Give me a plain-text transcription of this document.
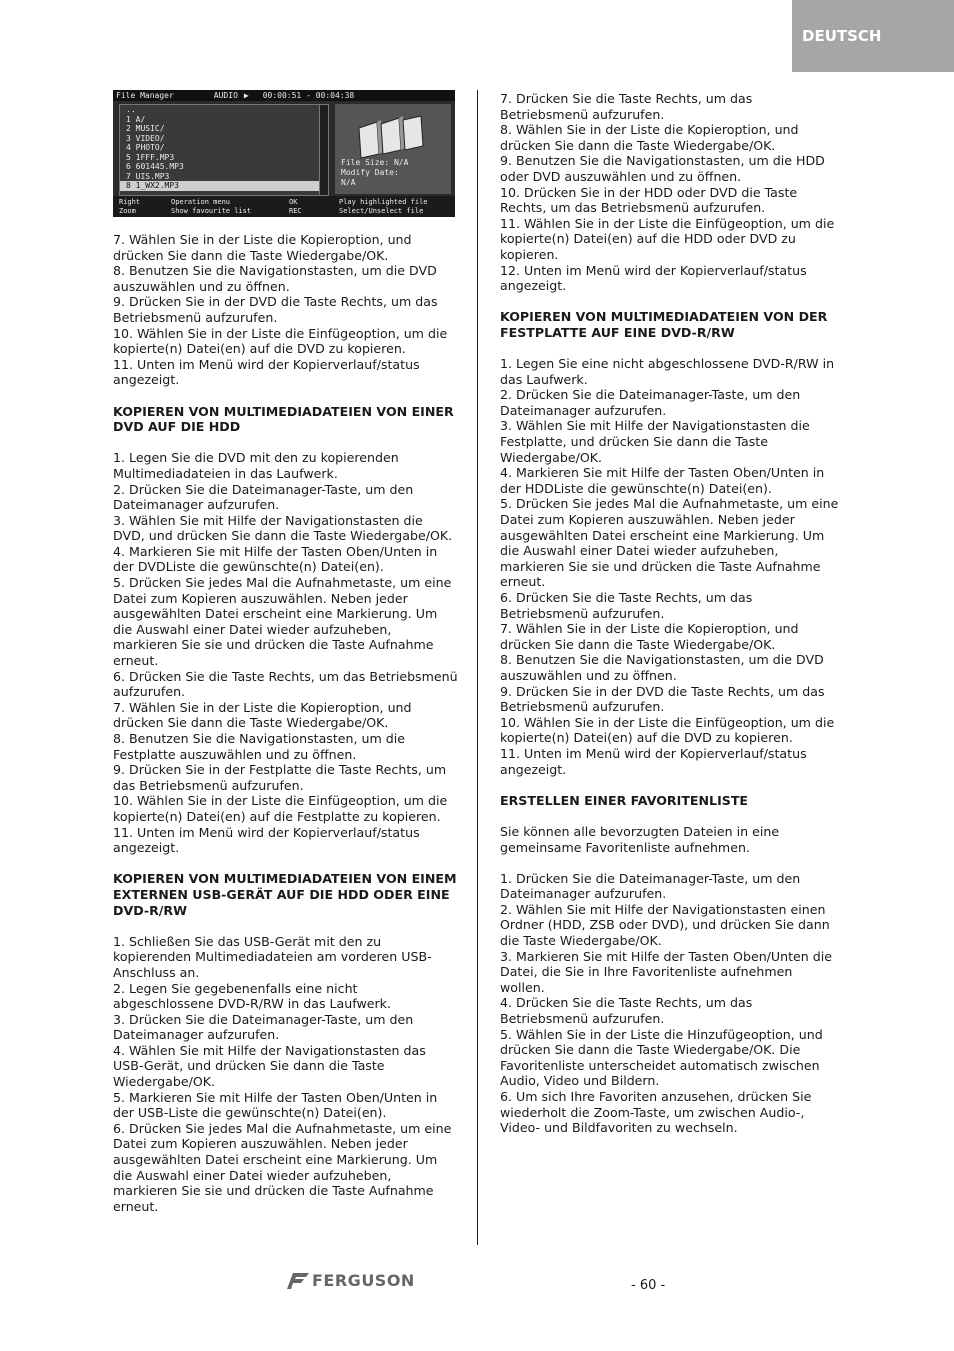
DEUTSCH
File Manager	AUDIO ▶ 00:00:51 - 00:04:38
..
1 A/
2 MUSIC/
3 VIDEO/
4 PHOTO/
5 1FFF.MP3
6 601445.MP3
7 UIS.MP3
8 1_WX2.MP3
File Size: N/A
Modify Date:
N/A
Right	Operation menu	OK	Play highlighted file
Zoom	Show favourite list	REC	Select/Unselect file
7. Wählen Sie in der Liste die Kopieroption, und drücken Sie dann die Taste Wiedergabe/OK.
8. Benutzen Sie die Navigationstasten, um die DVD auszuwählen und zu öffnen.
9. Drücken Sie in der DVD die Taste Rechts, um das Betriebsmenü aufzurufen.
10. Wählen Sie in der Liste die Einfügeoption, um die kopierte(n) Datei(en) auf die DVD zu kopieren.
11. Unten im Menü wird der Kopierverlauf/status angezeigt.
KOPIEREN VON MULTIMEDIADATEIEN VON EINER DVD AUF DIE HDD
1. Legen Sie die DVD mit den zu kopierenden Multimediadateien in das Laufwerk.
2. Drücken Sie die Dateimanager-Taste, um den Dateimanager aufzurufen.
3. Wählen Sie mit Hilfe der Navigationstasten die DVD, und drücken Sie dann die Taste Wiedergabe/OK.
4. Markieren Sie mit Hilfe der Tasten Oben/Unten in der DVDListe die gewünschte(n) Datei(en).
5. Drücken Sie jedes Mal die Aufnahmetaste, um eine Datei zum Kopieren auszuwählen. Neben jeder ausgewählten Datei erscheint eine Markierung. Um die Auswahl einer Datei wieder aufzuheben, markieren Sie sie und drücken die Taste Aufnahme erneut.
6. Drücken Sie die Taste Rechts, um das Betriebsmenü aufzurufen.
7. Wählen Sie in der Liste die Kopieroption, und drücken Sie dann die Taste Wiedergabe/OK.
8. Benutzen Sie die Navigationstasten, um die Festplatte auszuwählen und zu öffnen.
9. Drücken Sie in der Festplatte die Taste Rechts, um das Betriebsmenü aufzurufen.
10. Wählen Sie in der Liste die Einfügeoption, um die kopierte(n) Datei(en) auf die Festplatte zu kopieren.
11. Unten im Menü wird der Kopierverlauf/status angezeigt.
KOPIEREN VON MULTIMEDIADATEIEN VON EINEM EXTERNEN USB-GERÄT AUF DIE HDD ODER EINE DVD-R/RW
1. Schließen Sie das USB-Gerät mit den zu kopierenden Multimediadateien am vorderen USB-Anschluss an.
2. Legen Sie gegebenenfalls eine nicht abgeschlossene DVD-R/RW in das Laufwerk.
3. Drücken Sie die Dateimanager-Taste, um den Dateimanager aufzurufen.
4. Wählen Sie mit Hilfe der Navigationstasten das USB-Gerät, und drücken Sie dann die Taste Wiedergabe/OK.
5. Markieren Sie mit Hilfe der Tasten Oben/Unten in der USB-Liste die gewünschte(n) Datei(en).
6. Drücken Sie jedes Mal die Aufnahmetaste, um eine Datei zum Kopieren auszuwählen. Neben jeder ausgewählten Datei erscheint eine Markierung. Um die Auswahl einer Datei wieder aufzuheben, markieren Sie sie und drücken die Taste Aufnahme erneut.
7. Drücken Sie die Taste Rechts, um das Betriebsmenü aufzurufen.
8. Wählen Sie in der Liste die Kopieroption, und drücken Sie dann die Taste Wiedergabe/OK.
9. Benutzen Sie die Navigationstasten, um die HDD oder DVD auszuwählen und zu öffnen.
10. Drücken Sie in der HDD oder DVD die Taste Rechts, um das Betriebsmenü aufzurufen.
11. Wählen Sie in der Liste die Einfügeoption, um die kopierte(n) Datei(en) auf die HDD oder DVD zu kopieren.
12. Unten im Menü wird der Kopierverlauf/status angezeigt.
KOPIEREN VON MULTIMEDIADATEIEN VON DER FESTPLATTE AUF EINE DVD-R/RW
1. Legen Sie eine nicht abgeschlossene DVD-R/RW in das Laufwerk.
2. Drücken Sie die Dateimanager-Taste, um den Dateimanager aufzurufen.
3. Wählen Sie mit Hilfe der Navigationstasten die Festplatte, und drücken Sie dann die Taste Wiedergabe/OK.
4. Markieren Sie mit Hilfe der Tasten Oben/Unten in der HDDListe die gewünschte(n) Datei(en).
5. Drücken Sie jedes Mal die Aufnahmetaste, um eine Datei zum Kopieren auszuwählen. Neben jeder ausgewählten Datei erscheint eine Markierung. Um die Auswahl einer Datei wieder aufzuheben, markieren Sie sie und drücken die Taste Aufnahme erneut.
6. Drücken Sie die Taste Rechts, um das Betriebsmenü aufzurufen.
7. Wählen Sie in der Liste die Kopieroption, und drücken Sie dann die Taste Wiedergabe/OK.
8. Benutzen Sie die Navigationstasten, um die DVD auszuwählen und zu öffnen.
9. Drücken Sie in der DVD die Taste Rechts, um das Betriebsmenü aufzurufen.
10. Wählen Sie in der Liste die Einfügeoption, um die kopierte(n) Datei(en) auf die DVD zu kopieren.
11. Unten im Menü wird der Kopierverlauf/status angezeigt.
ERSTELLEN EINER FAVORITENLISTE
Sie können alle bevorzugten Dateien in eine gemeinsame Favoritenliste aufnehmen.
1. Drücken Sie die Dateimanager-Taste, um den Dateimanager aufzurufen.
2. Wählen Sie mit Hilfe der Navigationstasten einen Ordner (HDD, ZSB oder DVD), und drücken Sie dann die Taste Wiedergabe/OK.
3. Markieren Sie mit Hilfe der Tasten Oben/Unten die Datei, die Sie in Ihre Favoritenliste aufnehmen wollen.
4. Drücken Sie die Taste Rechts, um das Betriebsmenü aufzurufen.
5. Wählen Sie in der Liste die Hinzufügeoption, und drücken Sie dann die Taste Wiedergabe/OK. Die Favoritenliste unterscheidet automatisch zwischen Audio, Video und Bildern.
6. Um sich Ihre Favoriten anzusehen, drücken Sie wiederholt die Zoom-Taste, um zwischen Audio-, Video- und Bildfavoriten zu wechseln.
FERGUSON	- 60 -
